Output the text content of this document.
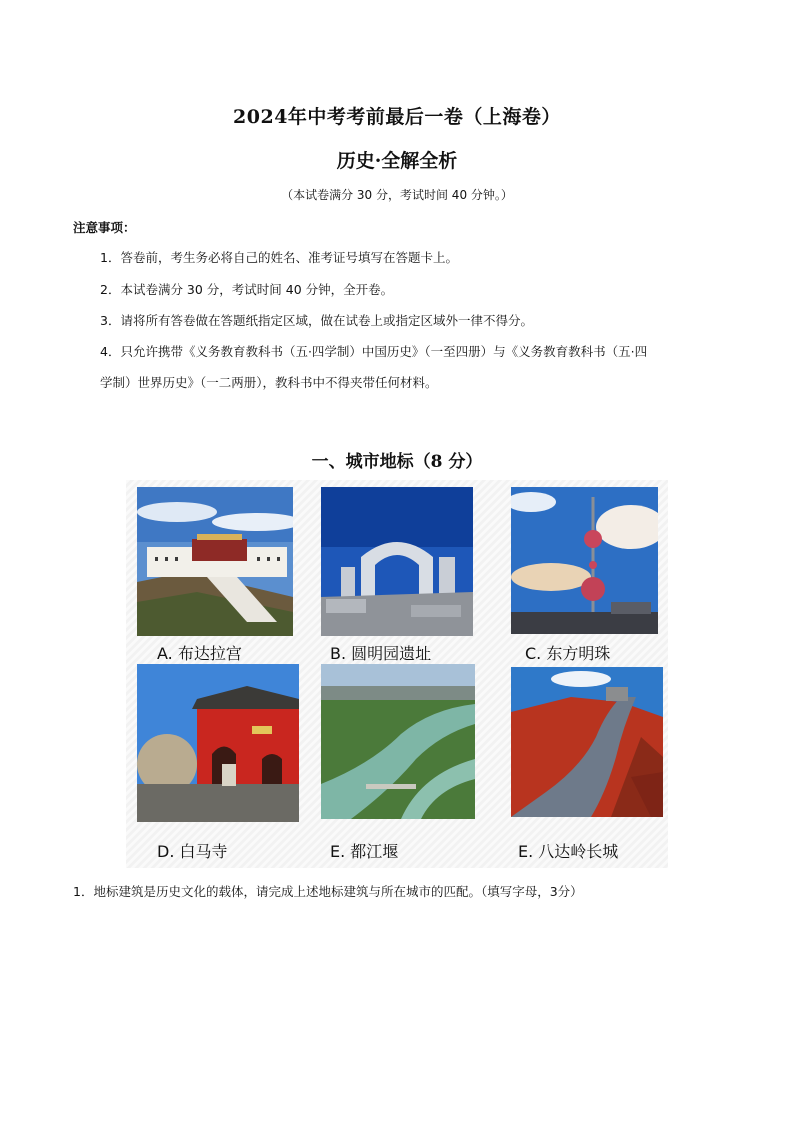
2024年中考考前最后一卷（上海卷）
历史·全解全析
（本试卷满分 30 分，考试时间 40 分钟。）
注意事项：
1．答卷前，考生务必将自己的姓名、准考证号填写在答题卡上。
2．本试卷满分 30 分，考试时间 40 分钟，全开卷。
3．请将所有答卷做在答题纸指定区域，做在试卷上或指定区域外一律不得分。
4．只允许携带《义务教育教科书（五·四学制）中国历史》（一至四册）与《义务教育教科书（五·四
学制）世界历史》（一二两册），教科书中不得夹带任何材料。
一、城市地标（8 分）
A. 布达拉宫	B. 圆明园遗址	C. 东方明珠
D. 白马寺	E. 都江堰	E. 八达岭长城
1．地标建筑是历史文化的载体，请完成上述地标建筑与所在城市的匹配。（填写字母，3分）
